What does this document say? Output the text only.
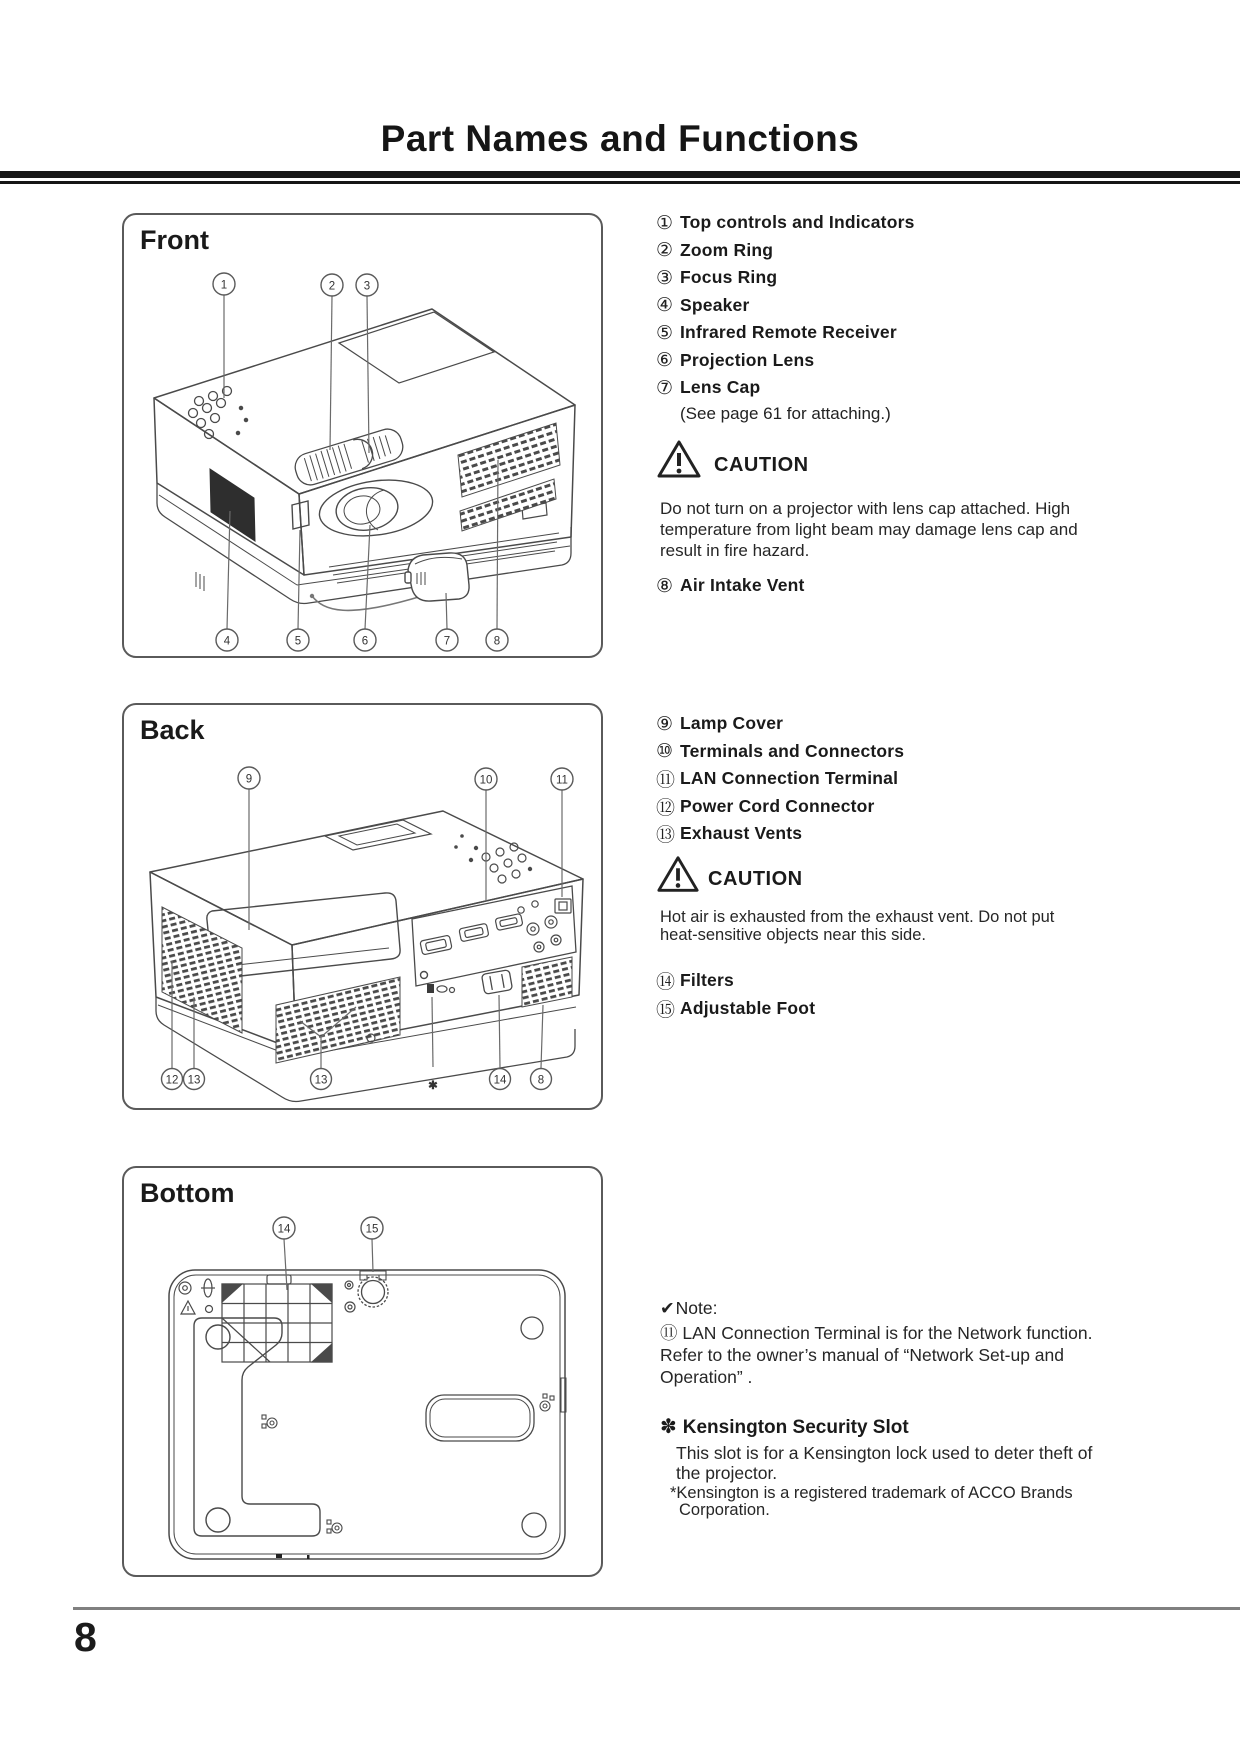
Part Names and Functions
Front
1	2 3
4	5	6	7	8
Back
9	10	11
12 13	13	✱	14	8
Bottom
14	15
① Top controls and Indicators
② Zoom Ring
③ Focus Ring
④ Speaker
⑤ Infrared Remote Receiver
⑥ Projection Lens
⑦ Lens Cap
(See page 61 for attaching.)
CAUTION
Do not turn on a projector with lens cap attached. High
temperature from light beam may damage lens cap and
result in fire hazard.
⑧ Air Intake Vent
⑨ Lamp Cover
⑩ Terminals and Connectors
⑪ LAN Connection Terminal
⑫ Power Cord Connector
⑬ Exhaust Vents
CAUTION
Hot air is exhausted from the exhaust vent. Do not put
heat-sensitive objects near this side.
⑭ Filters
⑮ Adjustable Foot
✔Note:
⑪ LAN Connection Terminal is for the Network function.
Refer to the owner’s manual of “Network Set-up and
Operation” .
✽ Kensington Security Slot
This slot is for a Kensington lock used to deter theft of
the projector.
*Kensington is a registered trademark of ACCO Brands
Corporation.
8
